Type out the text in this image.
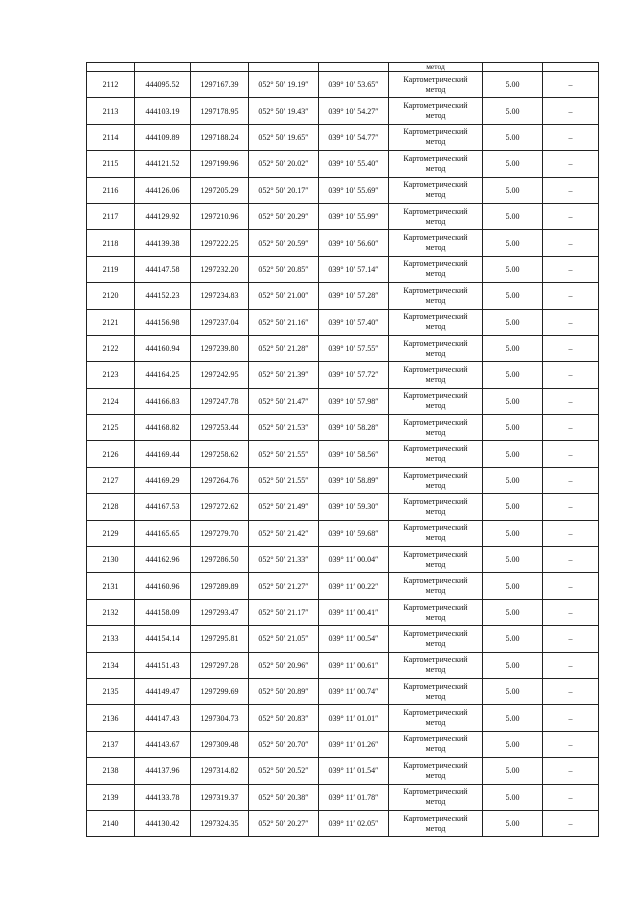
					метод		
2112	444095.52	1297167.39	052° 50′ 19.19″	039° 10′ 53.65″	Картометрический
метод	5.00	–
2113	444103.19	1297178.95	052° 50′ 19.43″	039° 10′ 54.27″	Картометрический
метод	5.00	–
2114	444109.89	1297188.24	052° 50′ 19.65″	039° 10′ 54.77″	Картометрический
метод	5.00	–
2115	444121.52	1297199.96	052° 50′ 20.02″	039° 10′ 55.40″	Картометрический
метод	5.00	–
2116	444126.06	1297205.29	052° 50′ 20.17″	039° 10′ 55.69″	Картометрический
метод	5.00	–
2117	444129.92	1297210.96	052° 50′ 20.29″	039° 10′ 55.99″	Картометрический
метод	5.00	–
2118	444139.38	1297222.25	052° 50′ 20.59″	039° 10′ 56.60″	Картометрический
метод	5.00	–
2119	444147.58	1297232.20	052° 50′ 20.85″	039° 10′ 57.14″	Картометрический
метод	5.00	–
2120	444152.23	1297234.83	052° 50′ 21.00″	039° 10′ 57.28″	Картометрический
метод	5.00	–
2121	444156.98	1297237.04	052° 50′ 21.16″	039° 10′ 57.40″	Картометрический
метод	5.00	–
2122	444160.94	1297239.80	052° 50′ 21.28″	039° 10′ 57.55″	Картометрический
метод	5.00	–
2123	444164.25	1297242.95	052° 50′ 21.39″	039° 10′ 57.72″	Картометрический
метод	5.00	–
2124	444166.83	1297247.78	052° 50′ 21.47″	039° 10′ 57.98″	Картометрический
метод	5.00	–
2125	444168.82	1297253.44	052° 50′ 21.53″	039° 10′ 58.28″	Картометрический
метод	5.00	–
2126	444169.44	1297258.62	052° 50′ 21.55″	039° 10′ 58.56″	Картометрический
метод	5.00	–
2127	444169.29	1297264.76	052° 50′ 21.55″	039° 10′ 58.89″	Картометрический
метод	5.00	–
2128	444167.53	1297272.62	052° 50′ 21.49″	039° 10′ 59.30″	Картометрический
метод	5.00	–
2129	444165.65	1297279.70	052° 50′ 21.42″	039° 10′ 59.68″	Картометрический
метод	5.00	–
2130	444162.96	1297286.50	052° 50′ 21.33″	039° 11′ 00.04″	Картометрический
метод	5.00	–
2131	444160.96	1297289.89	052° 50′ 21.27″	039° 11′ 00.22″	Картометрический
метод	5.00	–
2132	444158.09	1297293.47	052° 50′ 21.17″	039° 11′ 00.41″	Картометрический
метод	5.00	–
2133	444154.14	1297295.81	052° 50′ 21.05″	039° 11′ 00.54″	Картометрический
метод	5.00	–
2134	444151.43	1297297.28	052° 50′ 20.96″	039° 11′ 00.61″	Картометрический
метод	5.00	–
2135	444149.47	1297299.69	052° 50′ 20.89″	039° 11′ 00.74″	Картометрический
метод	5.00	–
2136	444147.43	1297304.73	052° 50′ 20.83″	039° 11′ 01.01″	Картометрический
метод	5.00	–
2137	444143.67	1297309.48	052° 50′ 20.70″	039° 11′ 01.26″	Картометрический
метод	5.00	–
2138	444137.96	1297314.82	052° 50′ 20.52″	039° 11′ 01.54″	Картометрический
метод	5.00	–
2139	444133.78	1297319.37	052° 50′ 20.38″	039° 11′ 01.78″	Картометрический
метод	5.00	–
2140	444130.42	1297324.35	052° 50′ 20.27″	039° 11′ 02.05″	Картометрический
метод	5.00	–
